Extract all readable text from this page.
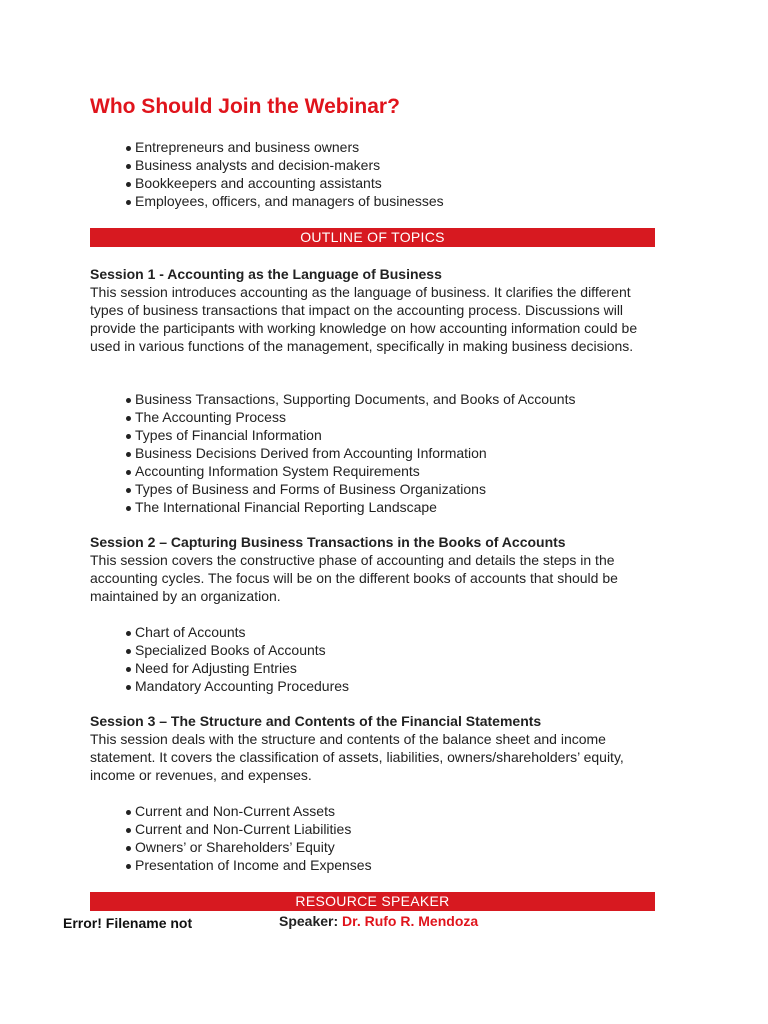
Who Should Join the Webinar?
Entrepreneurs and business owners
Business analysts and decision-makers
Bookkeepers and accounting assistants
Employees, officers, and managers of businesses
OUTLINE OF TOPICS
Session 1 - Accounting as the Language of Business

This session introduces accounting as the language of business. It clarifies the different types of business transactions that impact on the accounting process. Discussions will provide the participants with working knowledge on how accounting information could be used in various functions of the management, specifically in making business decisions.

Business Transactions, Supporting Documents, and Books of Accounts
The Accounting Process
Types of Financial Information
Business Decisions Derived from Accounting Information
Accounting Information System Requirements
Types of Business and Forms of Business Organizations
The International Financial Reporting Landscape
Session 2 – Capturing Business Transactions in the Books of Accounts

This session covers the constructive phase of accounting and details the steps in the accounting cycles. The focus will be on the different books of accounts that should be maintained by an organization.

Chart of Accounts
Specialized Books of Accounts
Need for Adjusting Entries
Mandatory Accounting Procedures
Session 3 – The Structure and Contents of the Financial Statements

This session deals with the structure and contents of the balance sheet and income statement. It covers the classification of assets, liabilities, owners/shareholders’ equity, income or revenues, and expenses.

Current and Non-Current Assets
Current and Non-Current Liabilities
Owners’ or Shareholders’ Equity
Presentation of Income and Expenses
RESOURCE SPEAKER
Error! Filename not	Speaker: Dr. Rufo R. Mendoza
